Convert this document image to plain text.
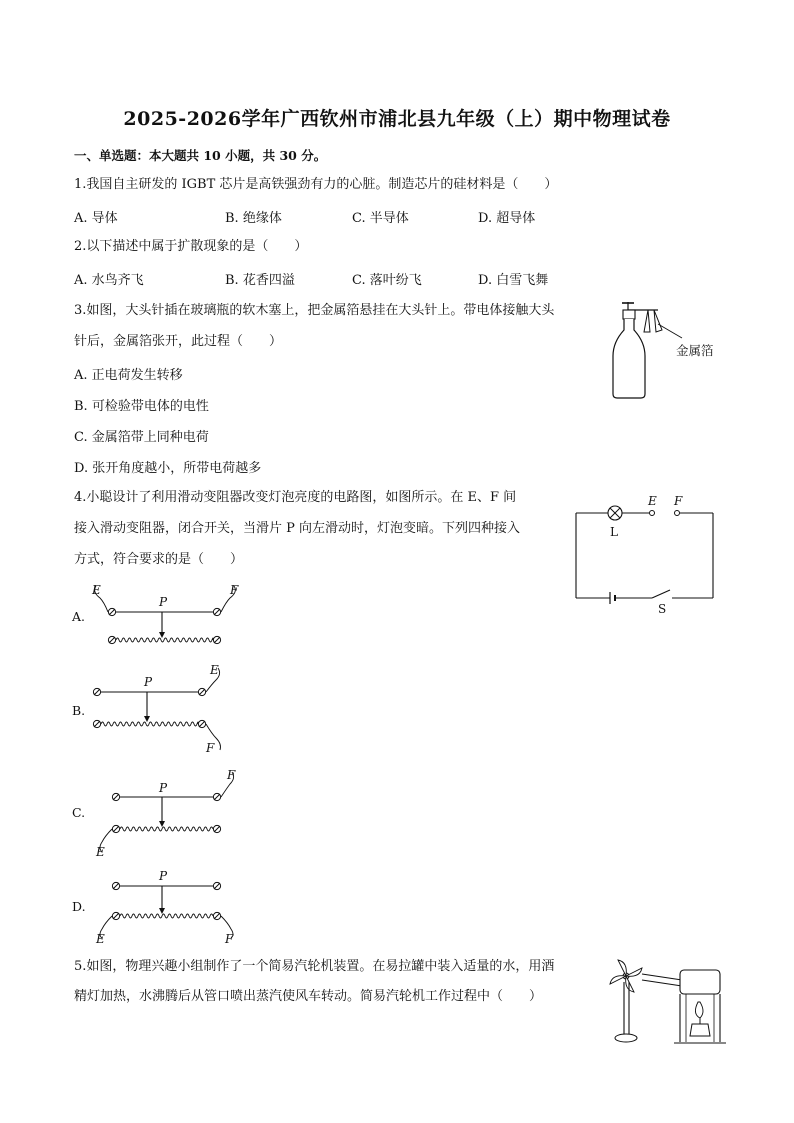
2025-2026学年广西钦州市浦北县九年级（上）期中物理试卷
一、单选题：本大题共 10 小题，共 30 分。
1.我国自主研发的 IGBT 芯片是高铁强劲有力的心脏。制造芯片的硅材料是（　　）
A. 导体	B. 绝缘体	C. 半导体	D. 超导体
2.以下描述中属于扩散现象的是（　　）
A. 水鸟齐飞	B. 花香四溢	C. 落叶纷飞	D. 白雪飞舞
3.如图，大头针插在玻璃瓶的软木塞上，把金属箔悬挂在大头针上。带电体接触大头
针后，金属箔张开，此过程（　　）
A. 正电荷发生转移
B. 可检验带电体的电性
C. 金属箔带上同种电荷
D. 张开角度越小，所带电荷越多
金属箔
4.小聪设计了利用滑动变阻器改变灯泡亮度的电路图，如图所示。在 E、F 间
接入滑动变阻器，闭合开关，当滑片 P 向左滑动时，灯泡变暗。下列四种接入
方式，符合要求的是（　　）
L
E F
S
A.
P
E	F
B.
P
E
F
C.
P
F
E
D.
P
E	F
5.如图，物理兴趣小组制作了一个简易汽轮机装置。在易拉罐中装入适量的水，用酒
精灯加热，水沸腾后从管口喷出蒸汽使风车转动。简易汽轮机工作过程中（　　）
